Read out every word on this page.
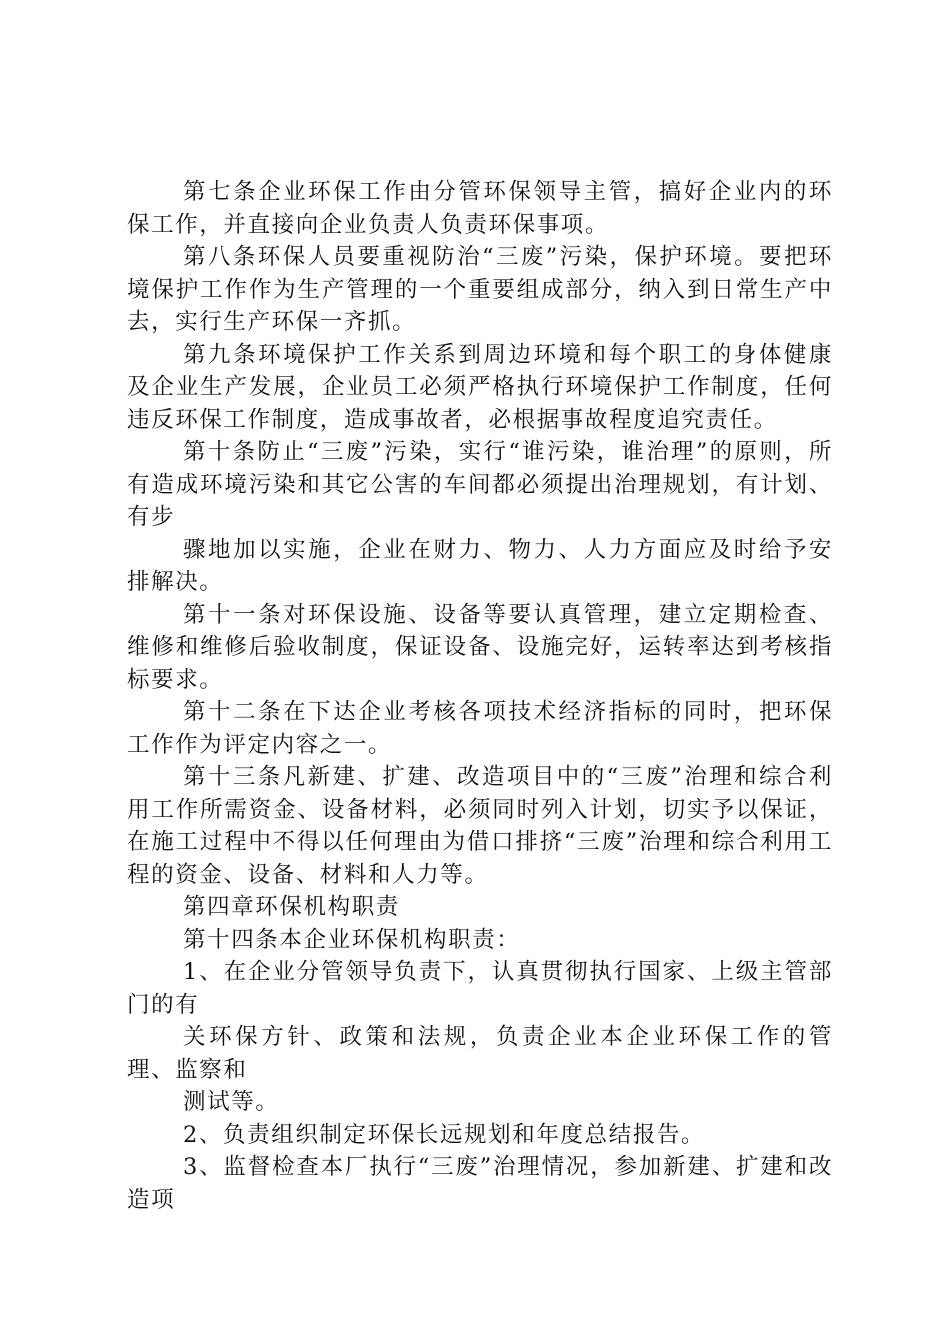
第七条企业环保工作由分管环保领导主管，搞好企业内的环保工作，并直接向企业负责人负责环保事项。

第八条环保人员要重视防治“三废”污染，保护环境。要把环境保护工作作为生产管理的一个重要组成部分，纳入到日常生产中去，实行生产环保一齐抓。

第九条环境保护工作关系到周边环境和每个职工的身体健康及企业生产发展，企业员工必须严格执行环境保护工作制度，任何违反环保工作制度，造成事故者，必根据事故程度追究责任。

第十条防止“三废”污染，实行“谁污染，谁治理”的原则，所有造成环境污染和其它公害的车间都必须提出治理规划，有计划、有步

骤地加以实施，企业在财力、物力、人力方面应及时给予安排解决。

第十一条对环保设施、设备等要认真管理，建立定期检查、维修和维修后验收制度，保证设备、设施完好，运转率达到考核指标要求。

第十二条在下达企业考核各项技术经济指标的同时，把环保工作作为评定内容之一。

第十三条凡新建、扩建、改造项目中的“三废”治理和综合利用工作所需资金、设备材料，必须同时列入计划，切实予以保证，在施工过程中不得以任何理由为借口排挤“三废”治理和综合利用工程的资金、设备、材料和人力等。

第四章环保机构职责

第十四条本企业环保机构职责：

1、在企业分管领导负责下，认真贯彻执行国家、上级主管部门的有

关环保方针、政策和法规，负责企业本企业环保工作的管理、监察和

测试等。

2、负责组织制定环保长远规划和年度总结报告。

3、监督检查本厂执行“三废”治理情况，参加新建、扩建和改造项
